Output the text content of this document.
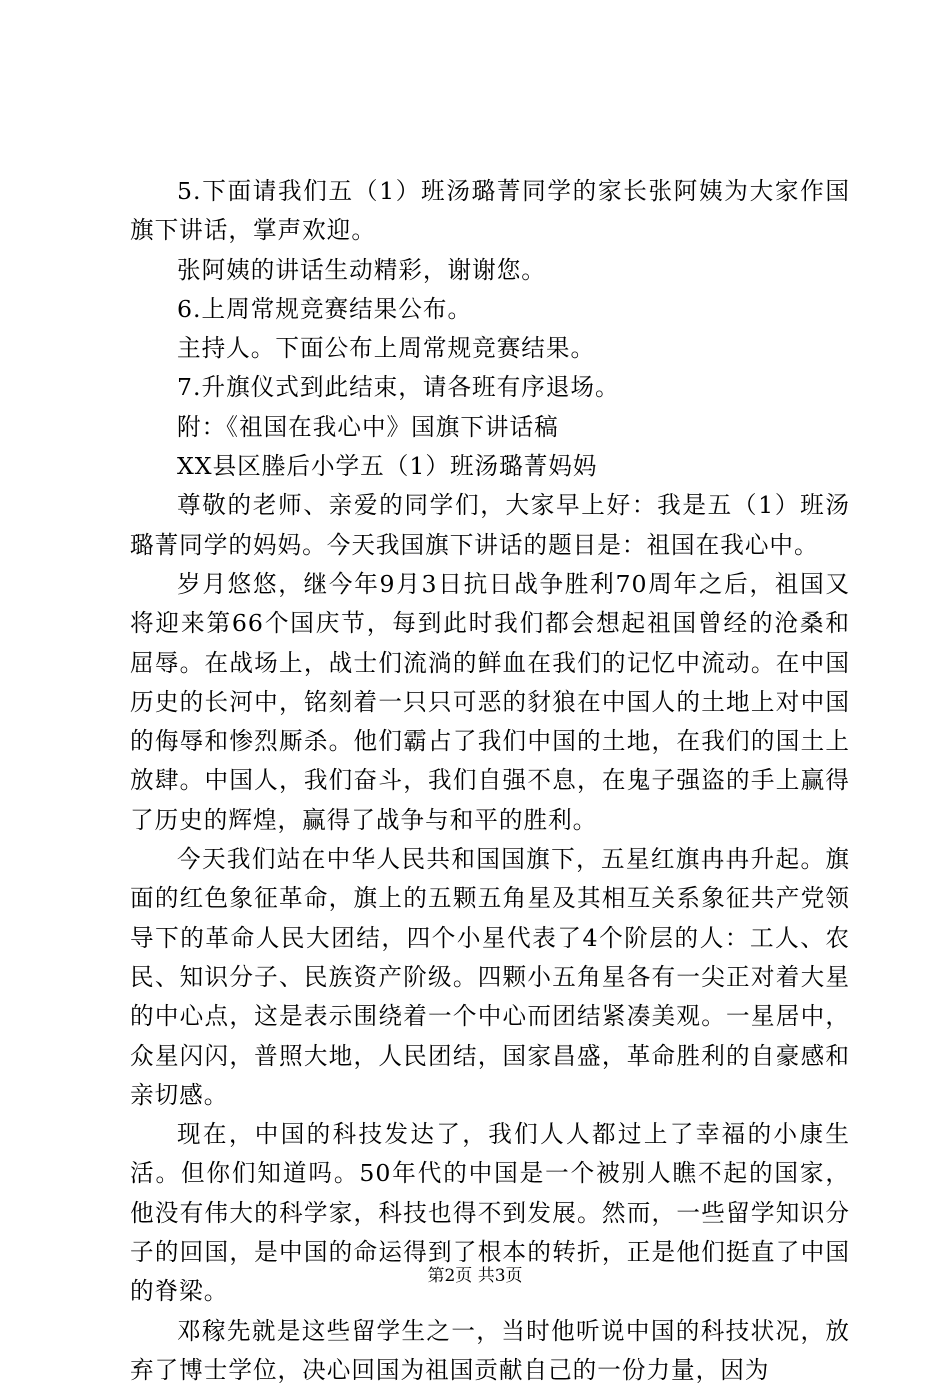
5.下面请我们五（1）班汤璐菁同学的家长张阿姨为大家作国旗下讲话，掌声欢迎。

张阿姨的讲话生动精彩，谢谢您。

6.上周常规竞赛结果公布。

主持人。下面公布上周常规竞赛结果。

7.升旗仪式到此结束，请各班有序退场。

附：《祖国在我心中》国旗下讲话稿

XX县区塍后小学五（1）班汤璐菁妈妈

尊敬的老师、亲爱的同学们，大家早上好：我是五（1）班汤璐菁同学的妈妈。今天我国旗下讲话的题目是：祖国在我心中。

岁月悠悠，继今年9月3日抗日战争胜利70周年之后，祖国又将迎来第66个国庆节，每到此时我们都会想起祖国曾经的沧桑和屈辱。在战场上，战士们流淌的鲜血在我们的记忆中流动。在中国历史的长河中，铭刻着一只只可恶的豺狼在中国人的土地上对中国的侮辱和惨烈厮杀。他们霸占了我们中国的土地，在我们的国土上放肆。中国人，我们奋斗，我们自强不息，在鬼子强盗的手上赢得了历史的辉煌，赢得了战争与和平的胜利。

今天我们站在中华人民共和国国旗下，五星红旗冉冉升起。旗面的红色象征革命，旗上的五颗五角星及其相互关系象征共产党领导下的革命人民大团结，四个小星代表了4个阶层的人：工人、农民、知识分子、民族资产阶级。四颗小五角星各有一尖正对着大星的中心点，这是表示围绕着一个中心而团结紧凑美观。一星居中，众星闪闪，普照大地，人民团结，国家昌盛，革命胜利的自豪感和亲切感。

现在，中国的科技发达了，我们人人都过上了幸福的小康生活。但你们知道吗。50年代的中国是一个被别人瞧不起的国家，他没有伟大的科学家，科技也得不到发展。然而，一些留学知识分子的回国，是中国的命运得到了根本的转折，正是他们挺直了中国的脊梁。

邓稼先就是这些留学生之一，当时他听说中国的科技状况，放弃了博士学位，决心回国为祖国贡献自己的一份力量，因为

第2页 共3页
